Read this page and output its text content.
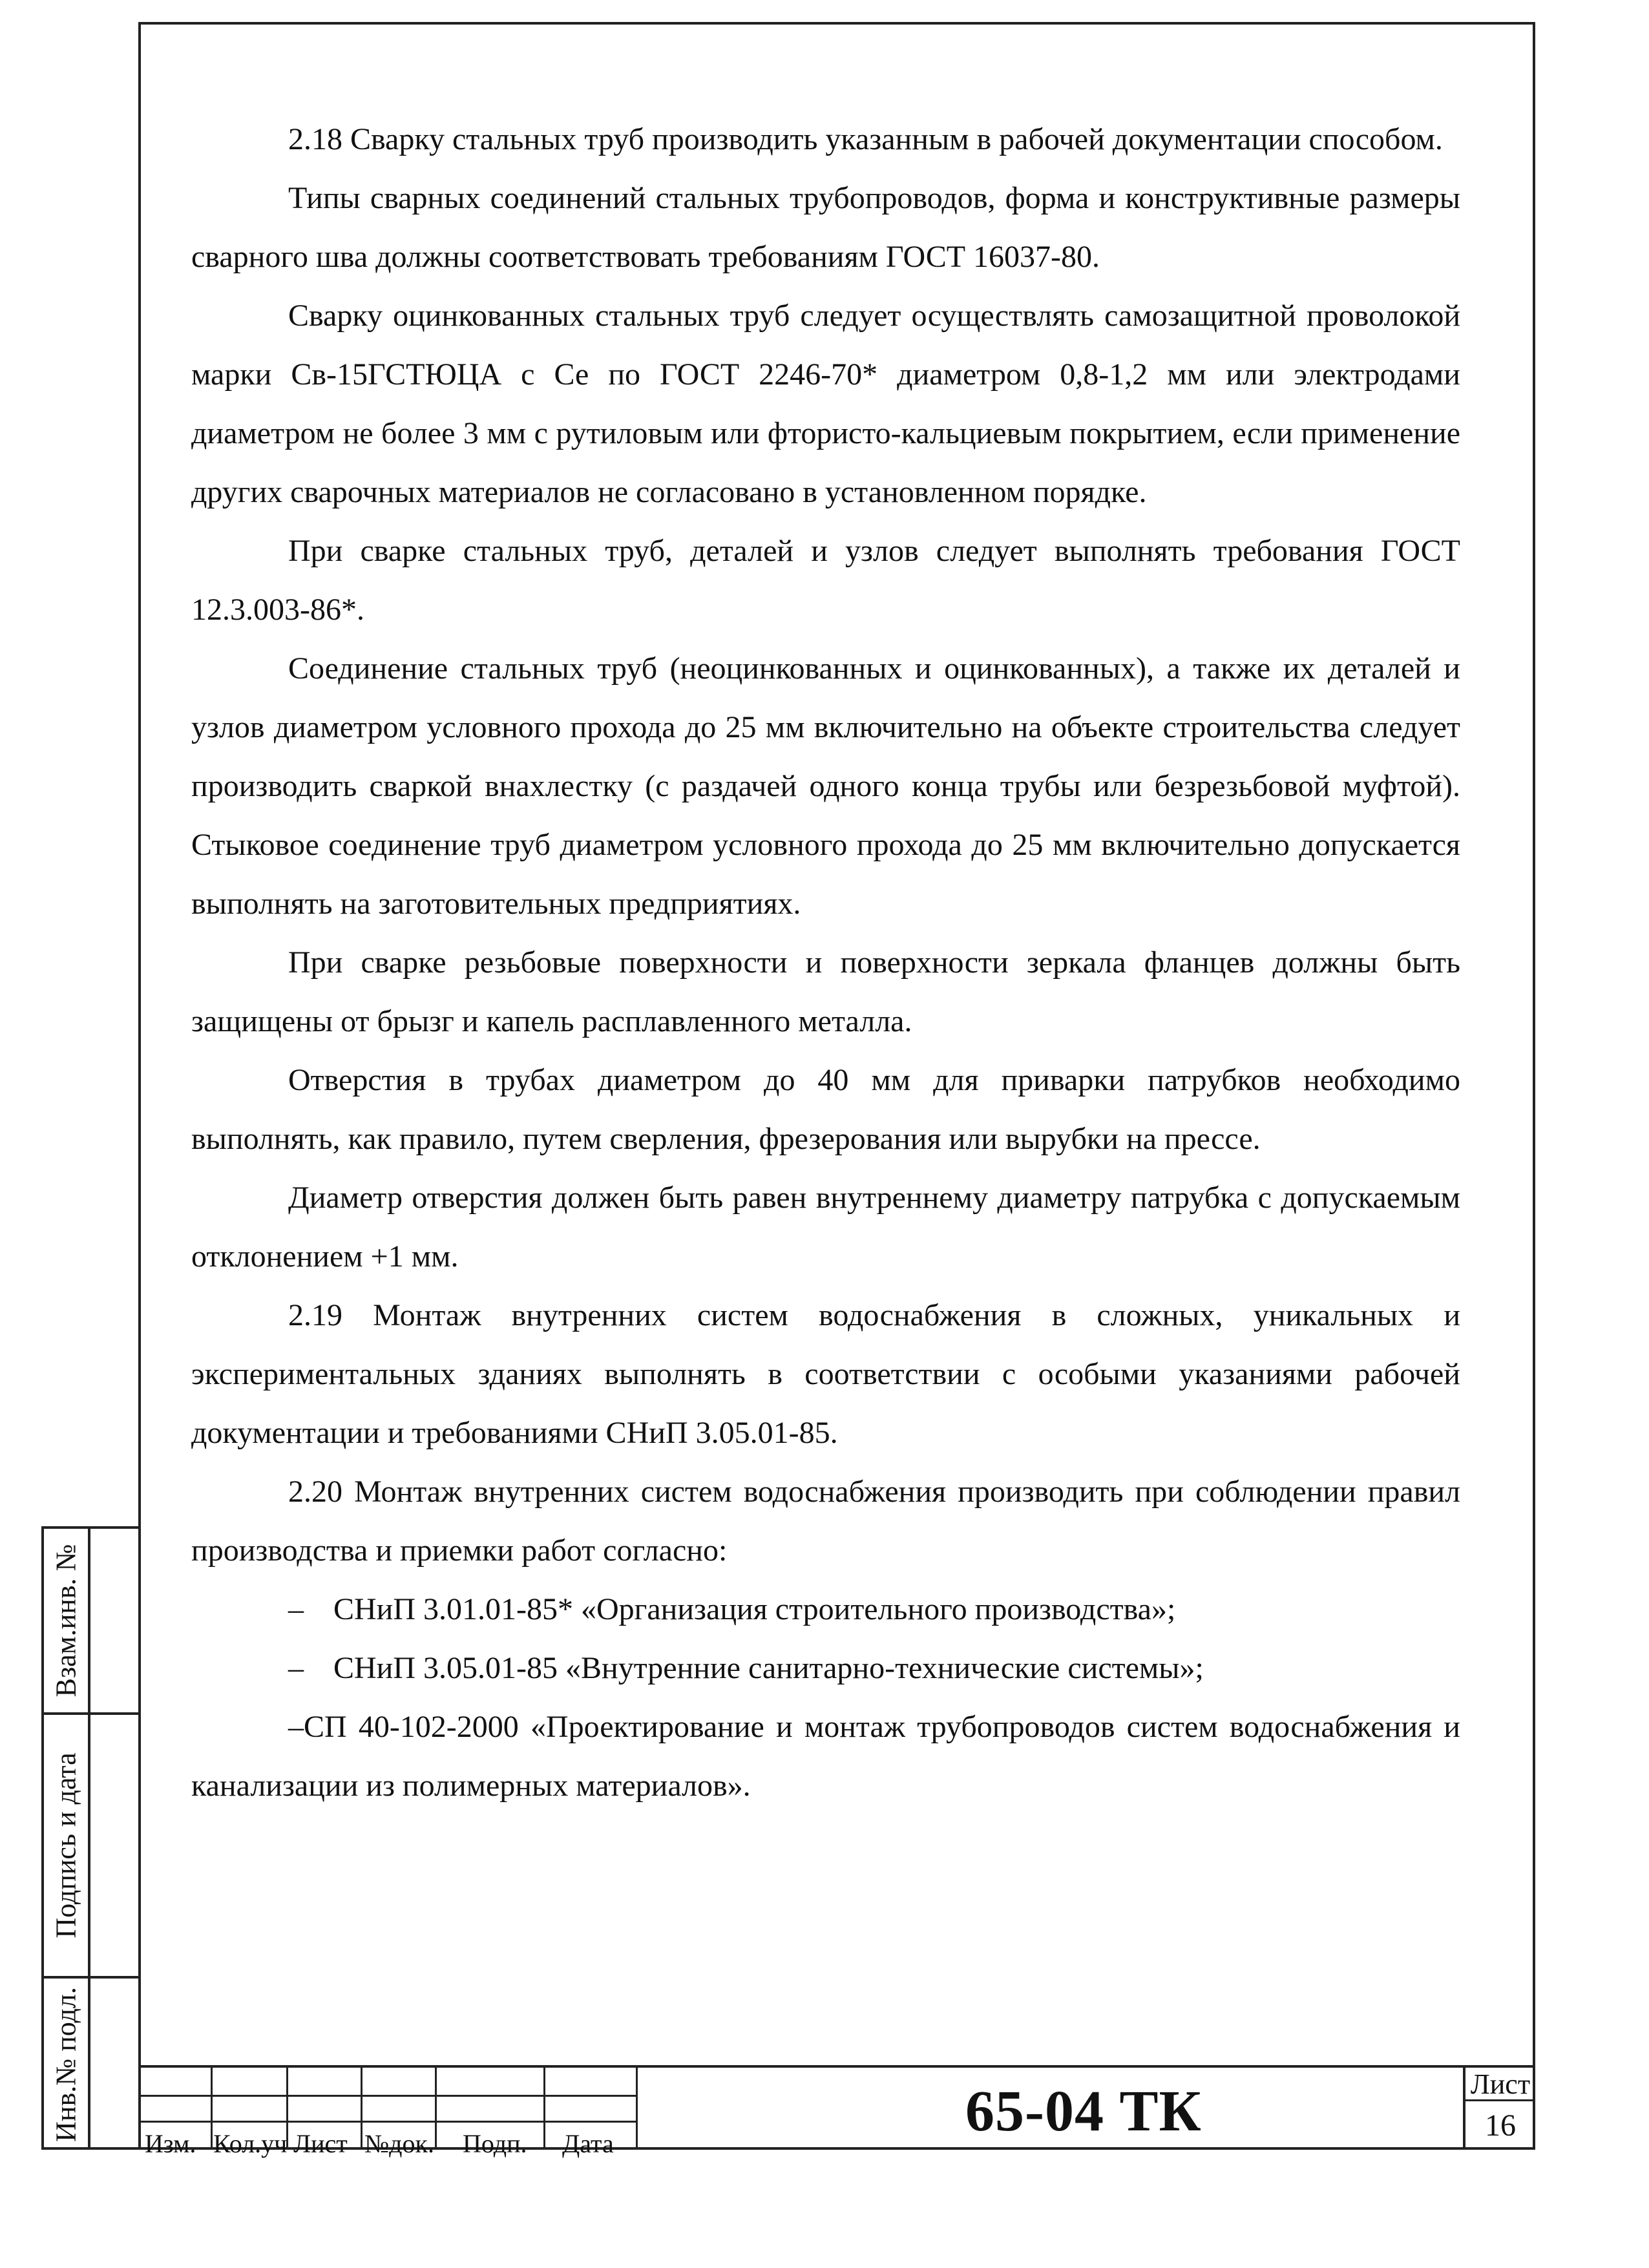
2.18 Сварку стальных труб производить указанным в рабочей документации способом.

Типы сварных соединений стальных трубопроводов, форма и конструктивные размеры сварного шва должны соответствовать требованиям ГОСТ 16037-80.

Сварку оцинкованных стальных труб следует осуществлять самозащитной проволокой марки Св-15ГСТЮЦА с Се по ГОСТ 2246-70* диаметром 0,8-1,2 мм или электродами диаметром не более 3 мм с рутиловым или фтористо-кальциевым покрытием, если применение других сварочных материалов не согласовано в установленном порядке.

При сварке стальных труб, деталей и узлов следует выполнять требования ГОСТ 12.3.003-86*.

Соединение стальных труб (неоцинкованных и оцинкованных), а также их деталей и узлов диаметром условного прохода до 25 мм включительно на объекте строительства следует производить сваркой внахлестку (с раздачей одного конца трубы или безрезьбовой муфтой). Стыковое соединение труб диаметром условного прохода до 25 мм включительно допускается выполнять на заготовительных предприятиях.

При сварке резьбовые поверхности и поверхности зеркала фланцев должны быть защищены от брызг и капель расплавленного металла.

Отверстия в трубах диаметром до 40 мм для приварки патрубков необходимо выполнять, как правило, путем сверления, фрезерования или вырубки на прессе.

Диаметр отверстия должен быть равен внутреннему диаметру патрубка с допускаемым отклонением +1 мм.

2.19 Монтаж внутренних систем водоснабжения в сложных, уникальных и экспериментальных зданиях выполнять в соответствии с особыми указаниями рабочей документации и требованиями СНиП 3.05.01-85.

2.20 Монтаж внутренних систем водоснабжения производить при соблюдении правил производства и приемки работ согласно:

– СНиП 3.01.01-85* «Организация строительного производства»;

– СНиП 3.05.01-85 «Внутренние санитарно-технические системы»;

–СП 40-102-2000 «Проектирование и монтаж трубопроводов систем водоснабжения и канализации из полимерных материалов».

Взам.инв. №
Подпись и дата
Инв.№ подл.
Изм. Кол.уч Лист №док. Подп. Дата
65-04 ТК	Лист
16
